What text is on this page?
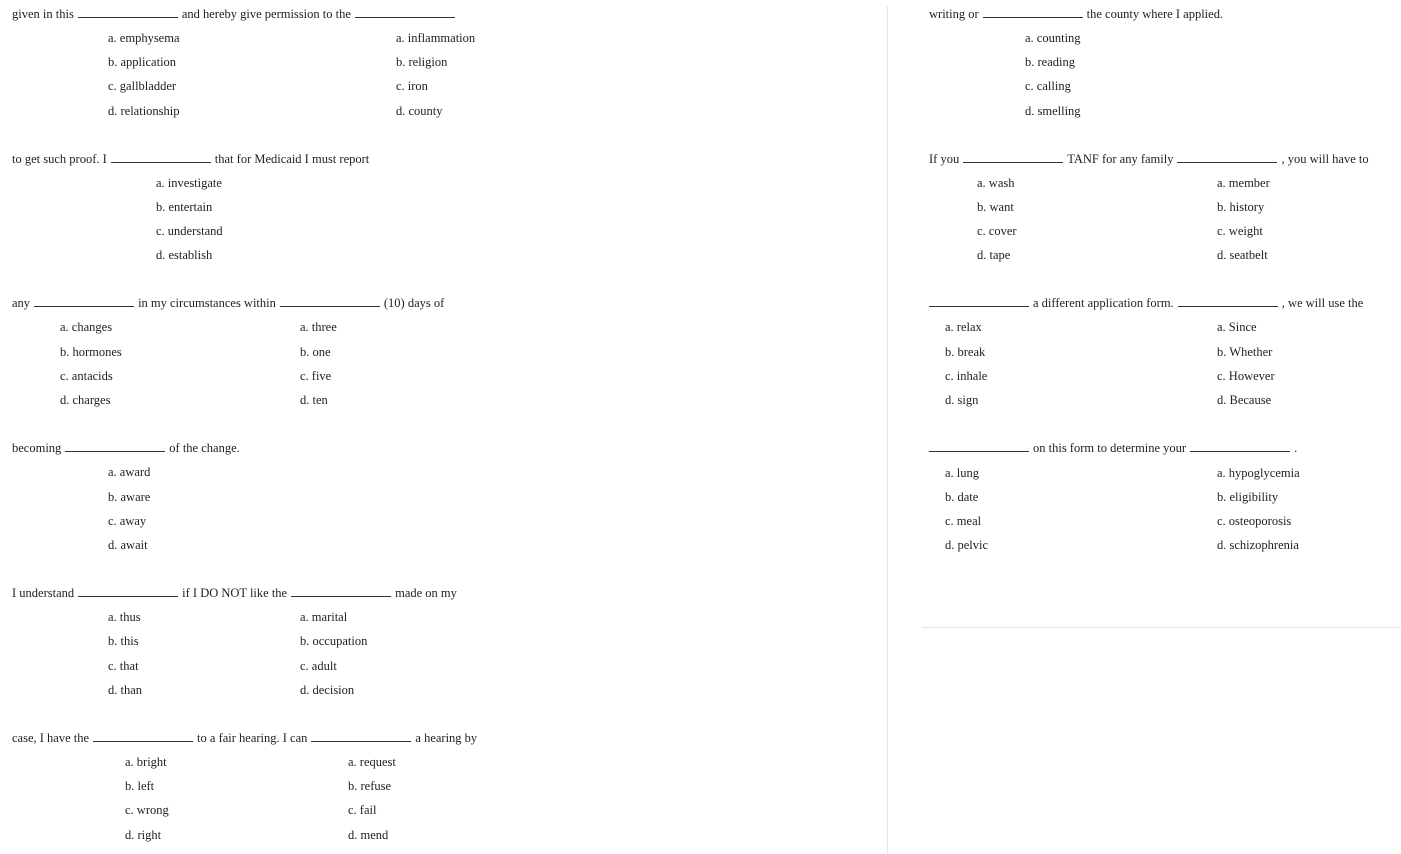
given in this	and hereby give permission to the
a. emphysema
b. application
c. gallbladder
d. relationship
a. inflammation
b. religion
c. iron
d. county
to get such proof. I	that for Medicaid I must report
a. investigate
b. entertain
c. understand
d. establish
any	in my circumstances within	(10) days of
a. changes
b. hormones
c. antacids
d. charges
a. three
b. one
c. five
d. ten
becoming	of the change.
a. award
b. aware
c. away
d. await
I understand	if I DO NOT like the	made on my
a. thus
b. this
c. that
d. than
a. marital
b. occupation
c. adult
d. decision
case, I have the	to a fair hearing. I can	a hearing by
a. bright
b. left
c. wrong
d. right
a. request
b. refuse
c. fail
d. mend
writing or	the county where I applied.
a. counting
b. reading
c. calling
d. smelling
If you	TANF for any family	, you will have to
a. wash
b. want
c. cover
d. tape
a. member
b. history
c. weight
d. seatbelt
a different application form.	, we will use the
a. relax
b. break
c. inhale
d. sign
a. Since
b. Whether
c. However
d. Because
on this form to determine your	.
a. lung
b. date
c. meal
d. pelvic
a. hypoglycemia
b. eligibility
c. osteoporosis
d. schizophrenia
